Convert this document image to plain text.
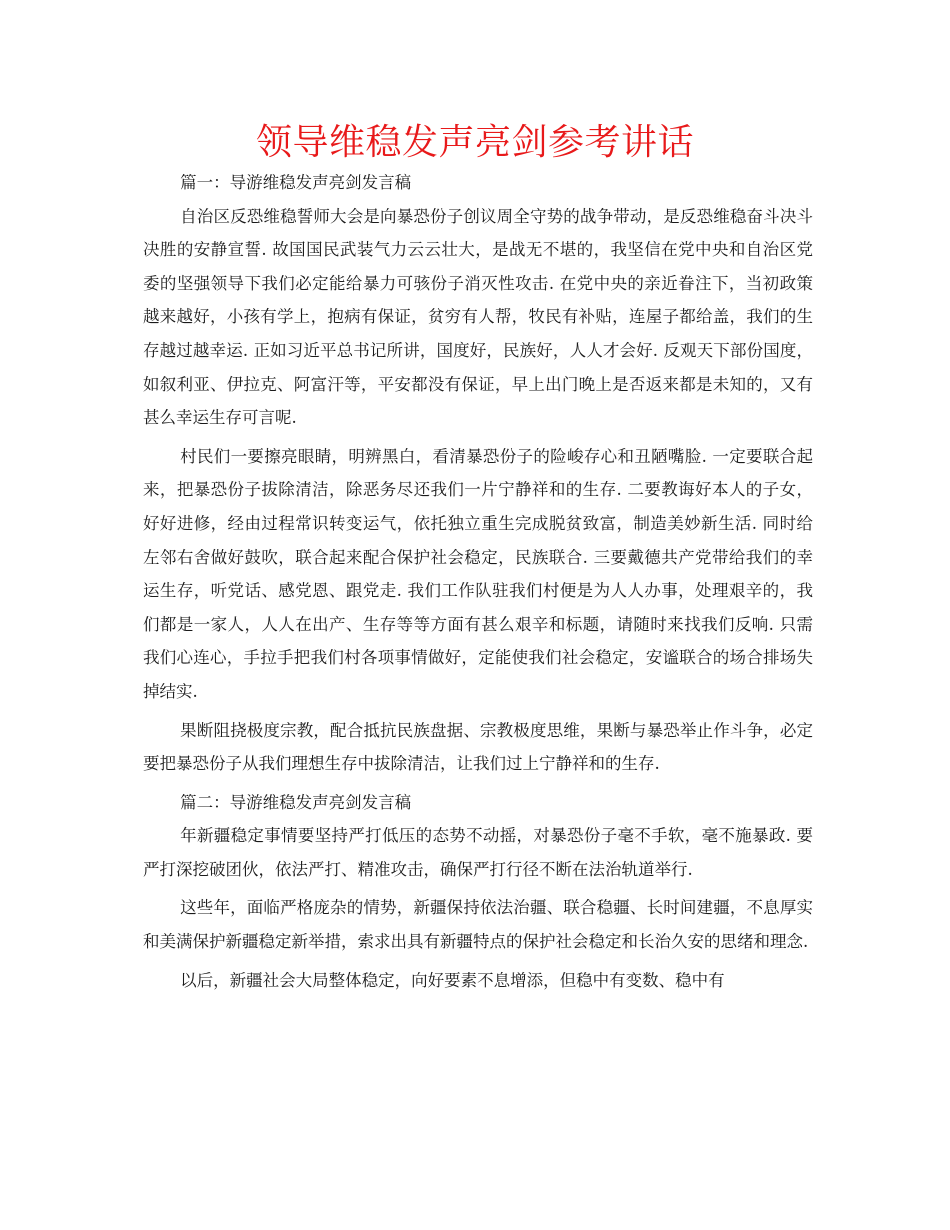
领导维稳发声亮剑参考讲话

篇一：导游维稳发声亮剑发言稿

自治区反恐维稳誓师大会是向暴恐份子创议周全守势的战争带动，是反恐维稳奋斗决斗决胜的安静宣誓. 故国国民武装气力云云壮大，是战无不堪的，我坚信在党中央和自治区党委的坚强领导下我们必定能给暴力可骇份子消灭性攻击. 在党中央的亲近眷注下，当初政策越来越好，小孩有学上，抱病有保证，贫穷有人帮，牧民有补贴，连屋子都给盖，我们的生存越过越幸运. 正如习近平总书记所讲，国度好，民族好，人人才会好. 反观天下部份国度，如叙利亚、伊拉克、阿富汗等，平安都没有保证，早上出门晚上是否返来都是未知的，又有甚么幸运生存可言呢.

村民们一要擦亮眼睛，明辨黑白，看清暴恐份子的险峻存心和丑陋嘴脸. 一定要联合起来，把暴恐份子拔除清洁，除恶务尽还我们一片宁静祥和的生存. 二要教诲好本人的子女，好好进修，经由过程常识转变运气，依托独立重生完成脱贫致富，制造美妙新生活. 同时给左邻右舍做好鼓吹，联合起来配合保护社会稳定，民族联合. 三要戴德共产党带给我们的幸运生存，听党话、感党恩、跟党走. 我们工作队驻我们村便是为人人办事，处理艰辛的，我们都是一家人，人人在出产、生存等等方面有甚么艰辛和标题，请随时来找我们反响. 只需我们心连心，手拉手把我们村各项事情做好，定能使我们社会稳定，安谧联合的场合排场失掉结实.

果断阻挠极度宗教，配合抵抗民族盘据、宗教极度思维，果断与暴恐举止作斗争，必定要把暴恐份子从我们理想生存中拔除清洁，让我们过上宁静祥和的生存.

篇二：导游维稳发声亮剑发言稿

年新疆稳定事情要坚持严打低压的态势不动摇，对暴恐份子毫不手软，毫不施暴政. 要严打深挖破团伙，依法严打、精准攻击，确保严打行径不断在法治轨道举行.

这些年，面临严格庞杂的情势，新疆保持依法治疆、联合稳疆、长时间建疆，不息厚实和美满保护新疆稳定新举措，索求出具有新疆特点的保护社会稳定和长治久安的思绪和理念.

以后，新疆社会大局整体稳定，向好要素不息增添，但稳中有变数、稳中有
